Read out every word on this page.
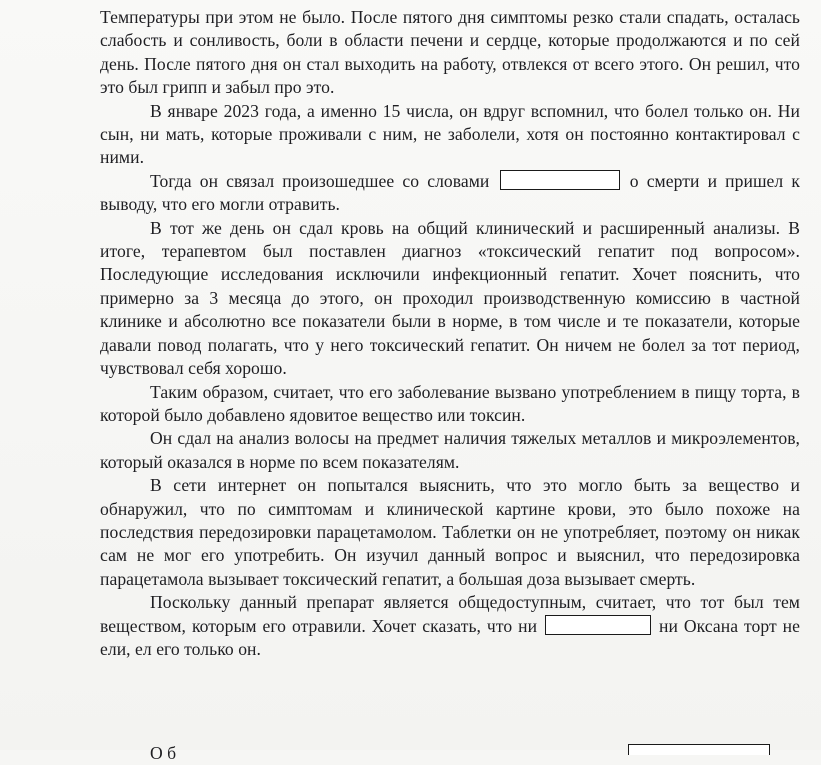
Температуры при этом не было. После пятого дня симптомы резко стали спадать, осталась слабость и сонливость, боли в области печени и сердце, которые продолжаются и по сей день. После пятого дня он стал выходить на работу, отвлекся от всего этого. Он решил, что это был грипп и забыл про это.

В январе 2023 года, а именно 15 числа, он вдруг вспомнил, что болел только он. Ни сын, ни мать, которые проживали с ним, не заболели, хотя он постоянно контактировал с ними.

Тогда он связал произошедшее со словами	о смерти и пришел к выводу, что его могли отравить.

В тот же день он сдал кровь на общий клинический и расширенный анализы. В итоге, терапевтом был поставлен диагноз «токсический гепатит под вопросом». Последующие исследования исключили инфекционный гепатит. Хочет пояснить, что примерно за 3 месяца до этого, он проходил производственную комиссию в частной клинике и абсолютно все показатели были в норме, в том числе и те показатели, которые давали повод полагать, что у него токсический гепатит. Он ничем не болел за тот период, чувствовал себя хорошо.

Таким образом, считает, что его заболевание вызвано употреблением в пищу торта, в которой было добавлено ядовитое вещество или токсин.

Он сдал на анализ волосы на предмет наличия тяжелых металлов и микроэлементов, который оказался в норме по всем показателям.

В сети интернет он попытался выяснить, что это могло быть за вещество и обнаружил, что по симптомам и клинической картине крови, это было похоже на последствия передозировки парацетамолом. Таблетки он не употребляет, поэтому он никак сам не мог его употребить. Он изучил данный вопрос и выяснил, что передозировка парацетамола вызывает токсический гепатит, а большая доза вызывает смерть.

Поскольку данный препарат является общедоступным, считает, что тот был тем веществом, которым его отравили. Хочет сказать, что ни	ни Оксана торт не ели, ел его только он.

О б
